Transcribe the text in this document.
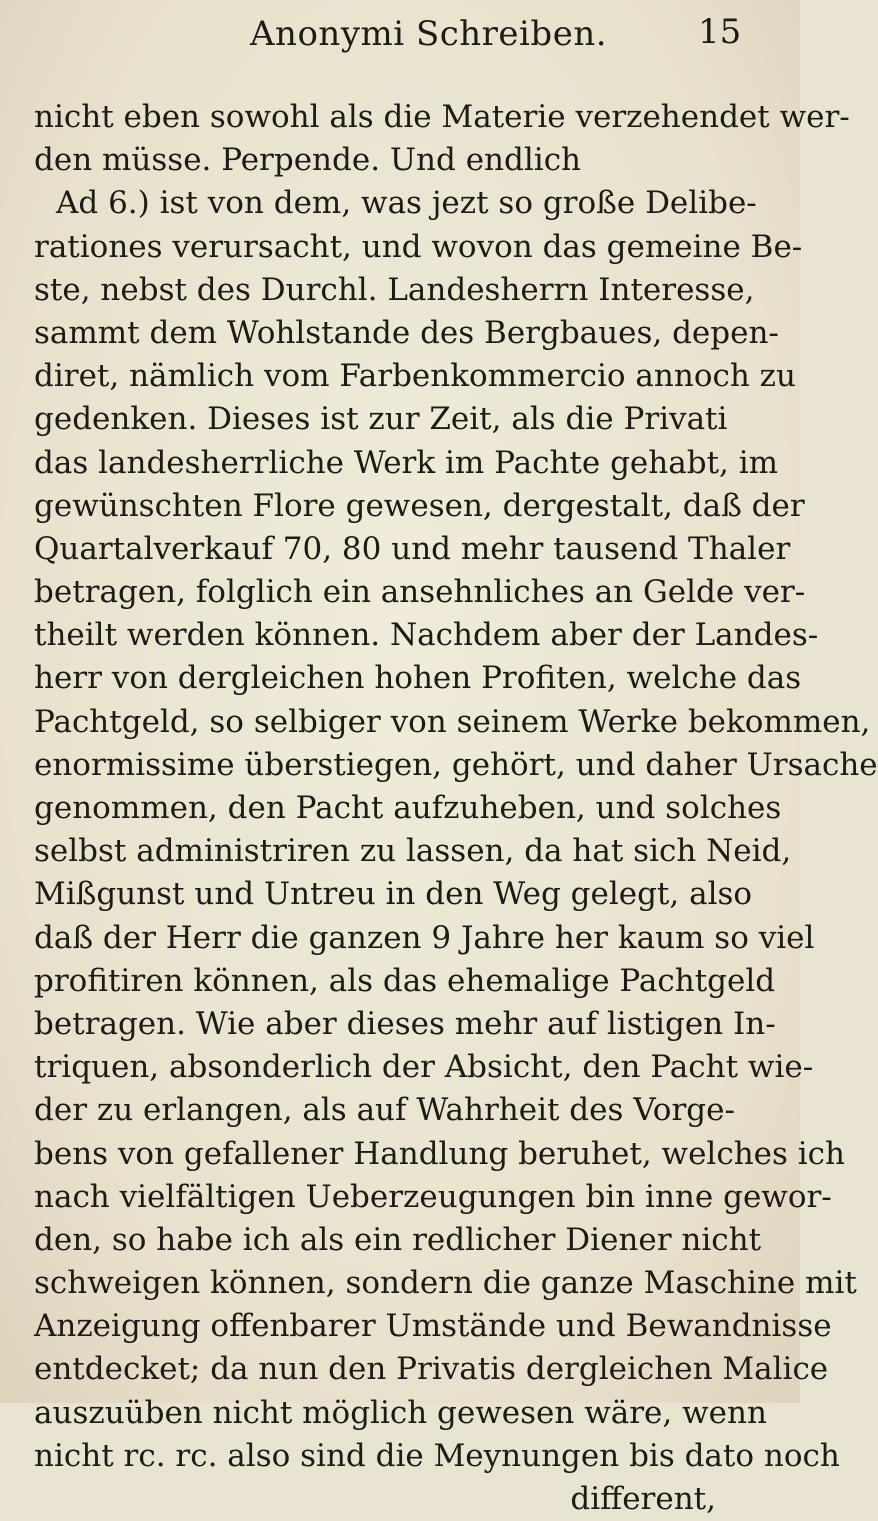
Anonymi Schreiben.	15
nicht eben sowohl als die Materie verzehendet wer-
den müsse. Perpende. Und endlich
Ad 6.) ist von dem, was jezt so große Delibe-
rationes verursacht, und wovon das gemeine Be-
ste, nebst des Durchl. Landesherrn Interesse,
sammt dem Wohlstande des Bergbaues, depen-
diret, nämlich vom Farbenkommercio annoch zu
gedenken. Dieses ist zur Zeit, als die Privati
das landesherrliche Werk im Pachte gehabt, im
gewünschten Flore gewesen, dergestalt, daß der
Quartalverkauf 70, 80 und mehr tausend Thaler
betragen, folglich ein ansehnliches an Gelde ver-
theilt werden können. Nachdem aber der Landes-
herr von dergleichen hohen Profiten, welche das
Pachtgeld, so selbiger von seinem Werke bekommen,
enormissime überstiegen, gehört, und daher Ursache
genommen, den Pacht aufzuheben, und solches
selbst administriren zu lassen, da hat sich Neid,
Mißgunst und Untreu in den Weg gelegt, also
daß der Herr die ganzen 9 Jahre her kaum so viel
profitiren können, als das ehemalige Pachtgeld
betragen. Wie aber dieses mehr auf listigen In-
triquen, absonderlich der Absicht, den Pacht wie-
der zu erlangen, als auf Wahrheit des Vorge-
bens von gefallener Handlung beruhet, welches ich
nach vielfältigen Ueberzeugungen bin inne gewor-
den, so habe ich als ein redlicher Diener nicht
schweigen können, sondern die ganze Maschine mit
Anzeigung offenbarer Umstände und Bewandnisse
entdecket; da nun den Privatis dergleichen Malice
auszuüben nicht möglich gewesen wäre, wenn
nicht rc. rc. also sind die Meynungen bis dato noch
different,
